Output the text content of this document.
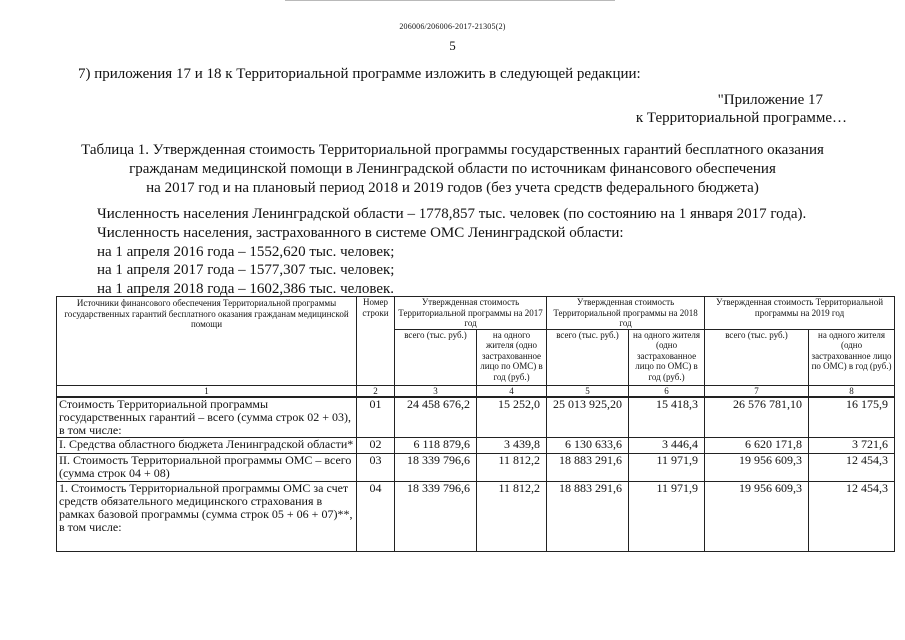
206006/206006-2017-21305(2)
5
7) приложения 17 и 18 к Территориальной программе изложить в следующей редакции:
"Приложение 17
к Территориальной программе…
Таблица 1. Утвержденная стоимость Территориальной программы государственных гарантий бесплатного оказания
гражданам медицинской помощи в Ленинградской области по источникам финансового обеспечения
на 2017 год и на плановый период 2018 и 2019 годов (без учета средств федерального бюджета)
Численность населения Ленинградской области – 1778,857 тыс. человек (по состоянию на 1 января 2017 года).
Численность населения, застрахованного в системе ОМС Ленинградской области:
на 1 апреля 2016 года – 1552,620 тыс. человек;
на 1 апреля 2017 года – 1577,307 тыс. человек;
на 1 апреля 2018 года – 1602,386 тыс. человек.
Источники финансового обеспечения Территориальной программы государственных гарантий бесплатного оказания гражданам медицинской помощи	Номер строки	Утвержденная стоимость Территориальной программы на 2017 год		Утвержденная стоимость Территориальной программы на 2018 год		Утвержденная стоимость Территориальной программы на 2019 год	
		всего (тыс. руб.)	на одного жителя (одно застрахованное лицо по ОМС) в год (руб.)	всего (тыс. руб.)	на одного жителя (одно застрахованное лицо по ОМС) в год (руб.)	всего (тыс. руб.)	на одного жителя (одно застрахованное лицо по ОМС) в год (руб.)
1	2	3	4	5	6	7	8
Стоимость Территориальной программы государственных гарантий – всего (сумма строк 02 + 03), в том числе:	01	24 458 676,2	15 252,0	25 013 925,20	15 418,3	26 576 781,10	16 175,9
I. Средства областного бюджета Ленинградской области*	02	6 118 879,6	3 439,8	6 130 633,6	3 446,4	6 620 171,8	3 721,6
II. Стоимость Территориальной программы ОМС – всего (сумма строк 04 + 08)	03	18 339 796,6	11 812,2	18 883 291,6	11 971,9	19 956 609,3	12 454,3
1. Стоимость Территориальной программы ОМС за счет средств обязательного медицинского страхования в рамках базовой программы (сумма строк 05 + 06 + 07)**, в том числе:	04	18 339 796,6	11 812,2	18 883 291,6	11 971,9	19 956 609,3	12 454,3
